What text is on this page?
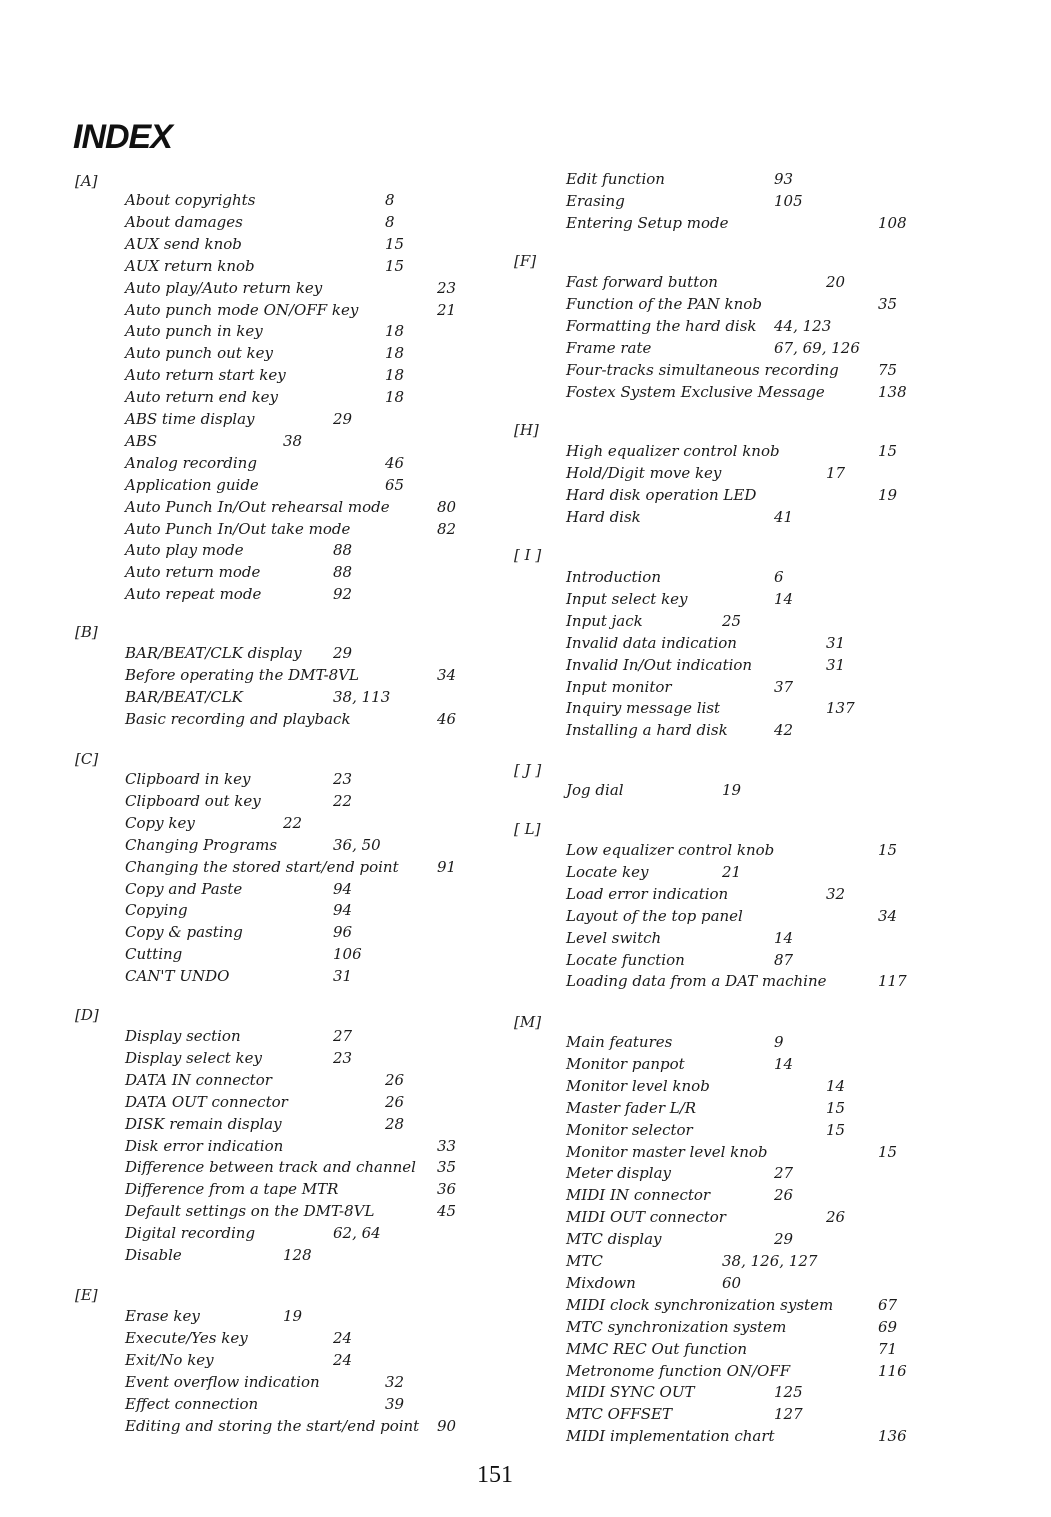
INDEX
[A]
About copyrights	8
About damages	8
AUX send knob	15
AUX return knob	15
Auto play/Auto return key	23
Auto punch mode ON/OFF key	21
Auto punch in key	18
Auto punch out key	18
Auto return start key	18
Auto return end key	18
ABS time display	29
ABS	38
Analog recording	46
Application guide	65
Auto Punch In/Out rehearsal mode	80
Auto Punch In/Out take mode	82
Auto play mode	88
Auto return mode	88
Auto repeat mode	92
[B]
BAR/BEAT/CLK display 29
Before operating the DMT-8VL	34
BAR/BEAT/CLK	38, 113
Basic recording and playback	46
[C]
Clipboard in key	23
Clipboard out key	22
Copy key	22
Changing Programs	36, 50
Changing the stored start/end point	91
Copy and Paste	94
Copying	94
Copy & pasting	96
Cutting	106
CAN'T UNDO	31
[D]
Display section	27
Display select key	23
DATA IN connector	26
DATA OUT connector	26
DISK remain display	28
Disk error indication	33
Difference between track and channel 35
Difference from a tape MTR	36
Default settings on the DMT-8VL	45
Digital recording	62, 64
Disable	128
[E]
Erase key	19
Execute/Yes key	24
Exit/No key	24
Event overflow indication	32
Effect connection	39
Editing and storing the start/end point 90
Edit function	93
Erasing	105
Entering Setup mode	108
[F]
Fast forward button	20
Function of the PAN knob	35
Formatting the hard disk 44, 123
Frame rate	67, 69, 126
Four-tracks simultaneous recording	75
Fostex System Exclusive Message	138
[H]
High equalizer control knob	15
Hold/Digit move key	17
Hard disk operation LED	19
Hard disk	41
[ I ]
Introduction	6
Input select key	14
Input jack	25
Invalid data indication	31
Invalid In/Out indication	31
Input monitor	37
Inquiry message list	137
Installing a hard disk	42
[ J ]
Jog dial	19
[ L]
Low equalizer control knob	15
Locate key	21
Load error indication	32
Layout of the top panel	34
Level switch	14
Locate function	87
Loading data from a DAT machine	117
[M]
Main features	9
Monitor panpot	14
Monitor level knob	14
Master fader L/R	15
Monitor selector	15
Monitor master level knob	15
Meter display	27
MIDI IN connector	26
MIDI OUT connector	26
MTC display	29
MTC	38, 126, 127
Mixdown	60
MIDI clock synchronization system	67
MTC synchronization system	69
MMC REC Out function	71
Metronome function ON/OFF	116
MIDI SYNC OUT	125
MTC OFFSET	127
MIDI implementation chart	136
151
